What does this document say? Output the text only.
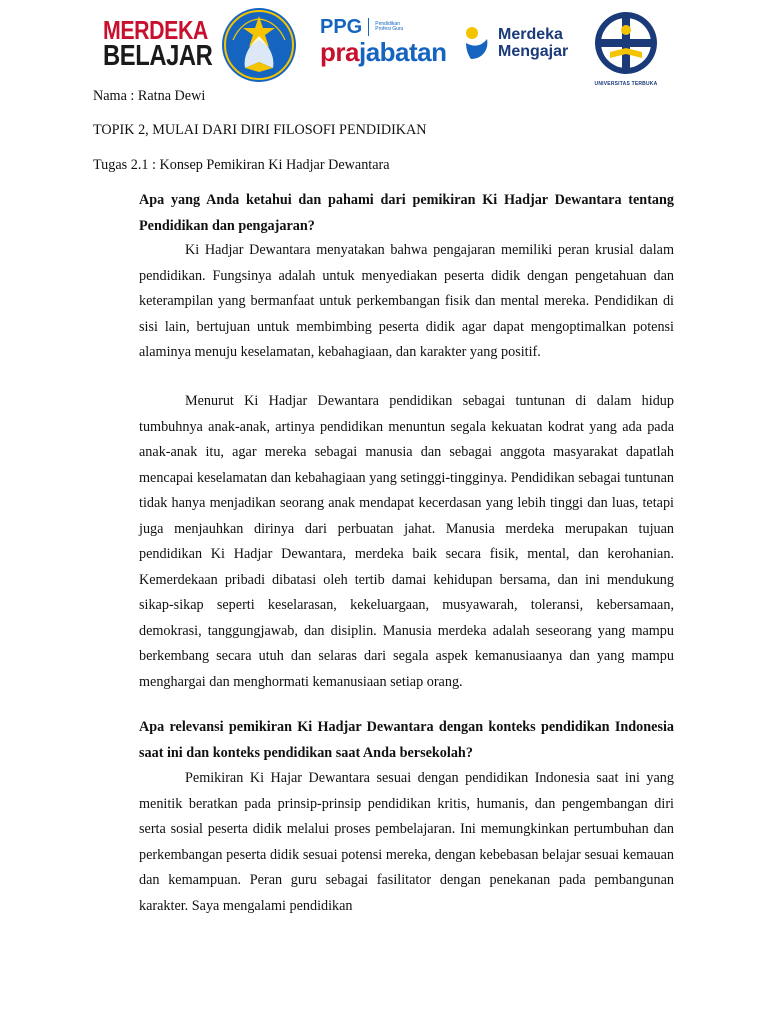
MERDEKA
BELAJAR
PPG	Pendidikan Profesi Guru
prajabatan
Merdeka
Mengajar
UNIVERSITAS TERBUKA

Nama : Ratna Dewi

TOPIK 2, MULAI DARI DIRI FILOSOFI PENDIDIKAN

Tugas 2.1 : Konsep Pemikiran Ki Hadjar Dewantara

Apa yang Anda ketahui dan pahami dari pemikiran Ki Hadjar Dewantara tentang Pendidikan dan pengajaran?

Ki Hadjar Dewantara menyatakan bahwa pengajaran memiliki peran krusial dalam pendidikan. Fungsinya adalah untuk menyediakan peserta didik dengan pengetahuan dan keterampilan yang bermanfaat untuk perkembangan fisik dan mental mereka. Pendidikan di sisi lain, bertujuan untuk membimbing peserta didik agar dapat mengoptimalkan potensi alaminya menuju keselamatan, kebahagiaan, dan karakter yang positif.

Menurut Ki Hadjar Dewantara pendidikan sebagai tuntunan di dalam hidup tumbuhnya anak-anak, artinya pendidikan menuntun segala kekuatan kodrat yang ada pada anak-anak itu, agar mereka sebagai manusia dan sebagai anggota masyarakat dapatlah mencapai keselamatan dan kebahagiaan yang setinggi-tingginya. Pendidikan sebagai tuntunan tidak hanya menjadikan seorang anak mendapat kecerdasan yang lebih tinggi dan luas, tetapi juga menjauhkan dirinya dari perbuatan jahat. Manusia merdeka merupakan tujuan pendidikan Ki Hadjar Dewantara, merdeka baik secara fisik, mental, dan kerohanian. Kemerdekaan pribadi dibatasi oleh tertib damai kehidupan bersama, dan ini mendukung sikap-sikap seperti keselarasan, kekeluargaan, musyawarah, toleransi, kebersamaan, demokrasi, tanggungjawab, dan disiplin. Manusia merdeka adalah seseorang yang mampu berkembang secara utuh dan selaras dari segala aspek kemanusiaanya dan yang mampu menghargai dan menghormati kemanusiaan setiap orang.

Apa relevansi pemikiran Ki Hadjar Dewantara dengan konteks pendidikan Indonesia saat ini dan konteks pendidikan saat Anda bersekolah?

Pemikiran Ki Hajar Dewantara sesuai dengan pendidikan Indonesia saat ini yang menitik beratkan pada prinsip-prinsip pendidikan kritis, humanis, dan pengembangan diri serta sosial peserta didik melalui proses pembelajaran. Ini memungkinkan pertumbuhan dan perkembangan peserta didik sesuai potensi mereka, dengan kebebasan belajar sesuai kemauan dan kemampuan. Peran guru sebagai fasilitator dengan penekanan pada pembangunan karakter. Saya mengalami pendidikan
